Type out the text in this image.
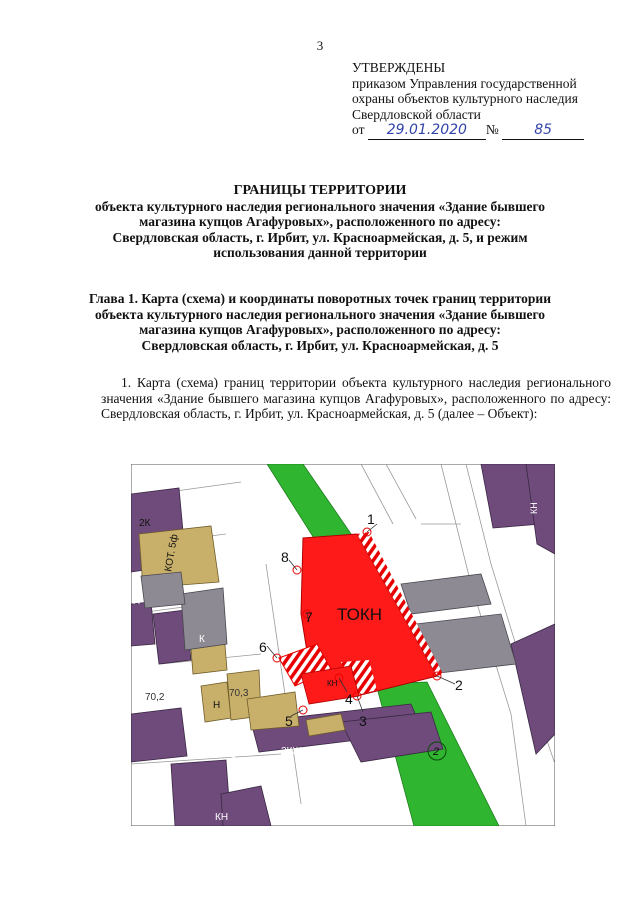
3
УТВЕРЖДЕНЫ
приказом Управления государственной
охраны объектов культурного наследия
Свердловской области
от 29.01.2020 №	85
ГРАНИЦЫ ТЕРРИТОРИИ
объекта культурного наследия регионального значения «Здание бывшего
магазина купцов Агафуровых», расположенного по адресу:
Свердловская область, г. Ирбит, ул. Красноармейская, д. 5, и режим
использования данной территории
Глава 1. Карта (схема) и координаты поворотных точек границ территории
объекта культурного наследия регионального значения «Здание бывшего
магазина купцов Агафуровых», расположенного по адресу:
Свердловская область, г. Ирбит, ул. Красноармейская, д. 5

1. Карта (схема) границ территории объекта культурного наследия регионального значения «Здание бывшего магазина купцов Агафуровых», расположенного по адресу: Свердловская область, г. Ирбит, ул. Красноармейская, д. 5 (далее – Объект):

1
2
3
4
5
6
7
8
ТОКН
2К
КОТ. 5ф
Н
К
70,2	70,3
Н
Н	2КЖ
КН
КН
3КЖ
КН
2
